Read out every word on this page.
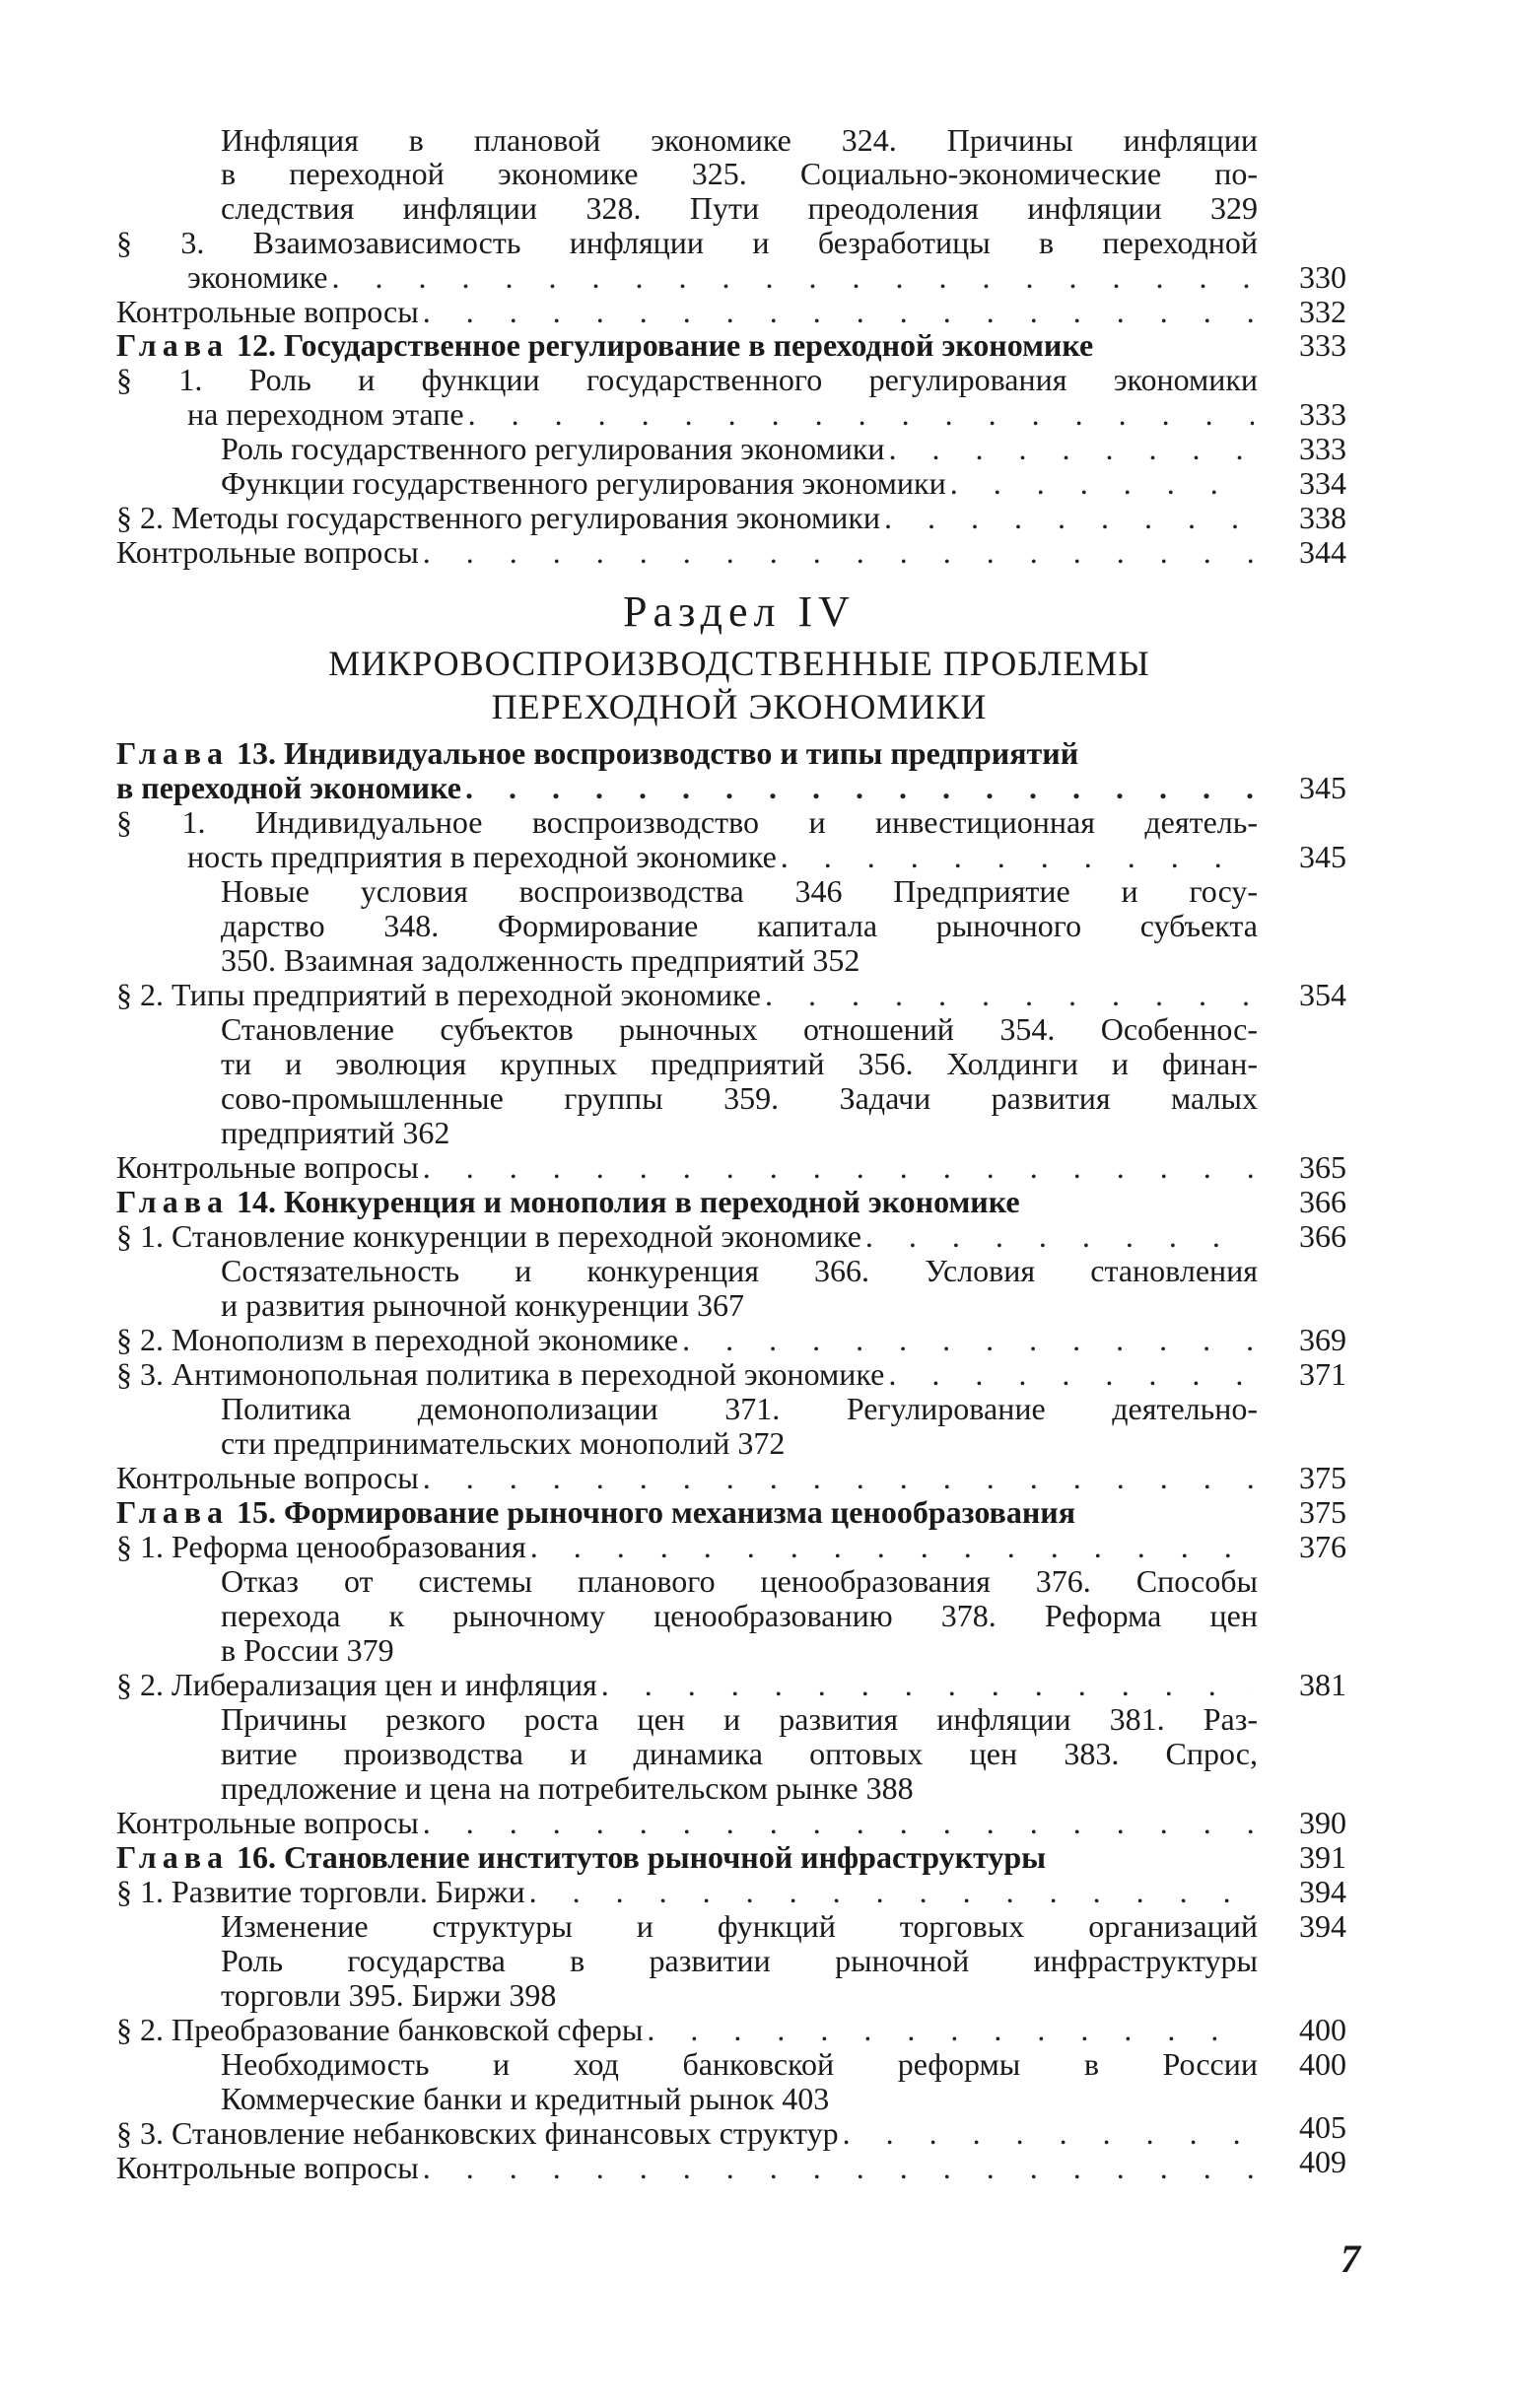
Инфляция в плановой экономике 324. Причины инфляции
в переходной экономике 325. Социально-экономические по-
следствия инфляции 328. Пути преодоления инфляции 329
§ 3. Взаимозависимость инфляции и безработицы в переходной
экономике . . .	330
Контрольные вопросы . . .	332
Глава 12. Государственное регулирование в переходной экономике	333
§ 1. Роль и функции государственного регулирования экономики
на переходном этапе . . .	333
Роль государственного регулирования экономики . . .	333
Функции государственного регулирования экономики . . .	334
§ 2. Методы государственного регулирования экономики . . .	338
Контрольные вопросы . . .	344
Раздел IV
МИКРОВОСПРОИЗВОДСТВЕННЫЕ ПРОБЛЕМЫ
ПЕРЕХОДНОЙ ЭКОНОМИКИ
Глава 13. Индивидуальное воспроизводство и типы предприятий
в переходной экономике . . .	345
§ 1. Индивидуальное воспроизводство и инвестиционная деятель-
ность предприятия в переходной экономике . . .	345
Новые условия воспроизводства 346 Предприятие и госу-
дарство 348. Формирование капитала рыночного субъекта
350. Взаимная задолженность предприятий 352
§ 2. Типы предприятий в переходной экономике . . .	354
Становление субъектов рыночных отношений 354. Особеннос-
ти и эволюция крупных предприятий 356. Холдинги и финан-
сово-промышленные группы 359. Задачи развития малых
предприятий 362
Контрольные вопросы . . .	365
Глава 14. Конкуренция и монополия в переходной экономике	366
§ 1. Становление конкуренции в переходной экономике . . .	366
Состязательность и конкуренция 366. Условия становления
и развития рыночной конкуренции 367
§ 2. Монополизм в переходной экономике . . .	369
§ 3. Антимонопольная политика в переходной экономике . . .	371
Политика демонополизации 371. Регулирование деятельно-
сти предпринимательских монополий 372
Контрольные вопросы . . .	375
Глава 15. Формирование рыночного механизма ценообразования	375
§ 1. Реформа ценообразования . . .	376
Отказ от системы планового ценообразования 376. Способы
перехода к рыночному ценообразованию 378. Реформа цен
в России 379
§ 2. Либерализация цен и инфляция . . .	381
Причины резкого роста цен и развития инфляции 381. Раз-
витие производства и динамика оптовых цен 383. Спрос,
предложение и цена на потребительском рынке 388
Контрольные вопросы . . .	390
Глава 16. Становление институтов рыночной инфраструктуры	391
§ 1. Развитие торговли. Биржи . . .	394
Изменение структуры и функций торговых организаций 394
Роль государства в развитии рыночной инфраструктуры
торговли 395. Биржи 398
§ 2. Преобразование банковской сферы . . .	400
Необходимость и ход банковской реформы в России 400
Коммерческие банки и кредитный рынок 403
§ 3. Становление небанковских финансовых структур . . .	405
Контрольные вопросы . . .	409
7
